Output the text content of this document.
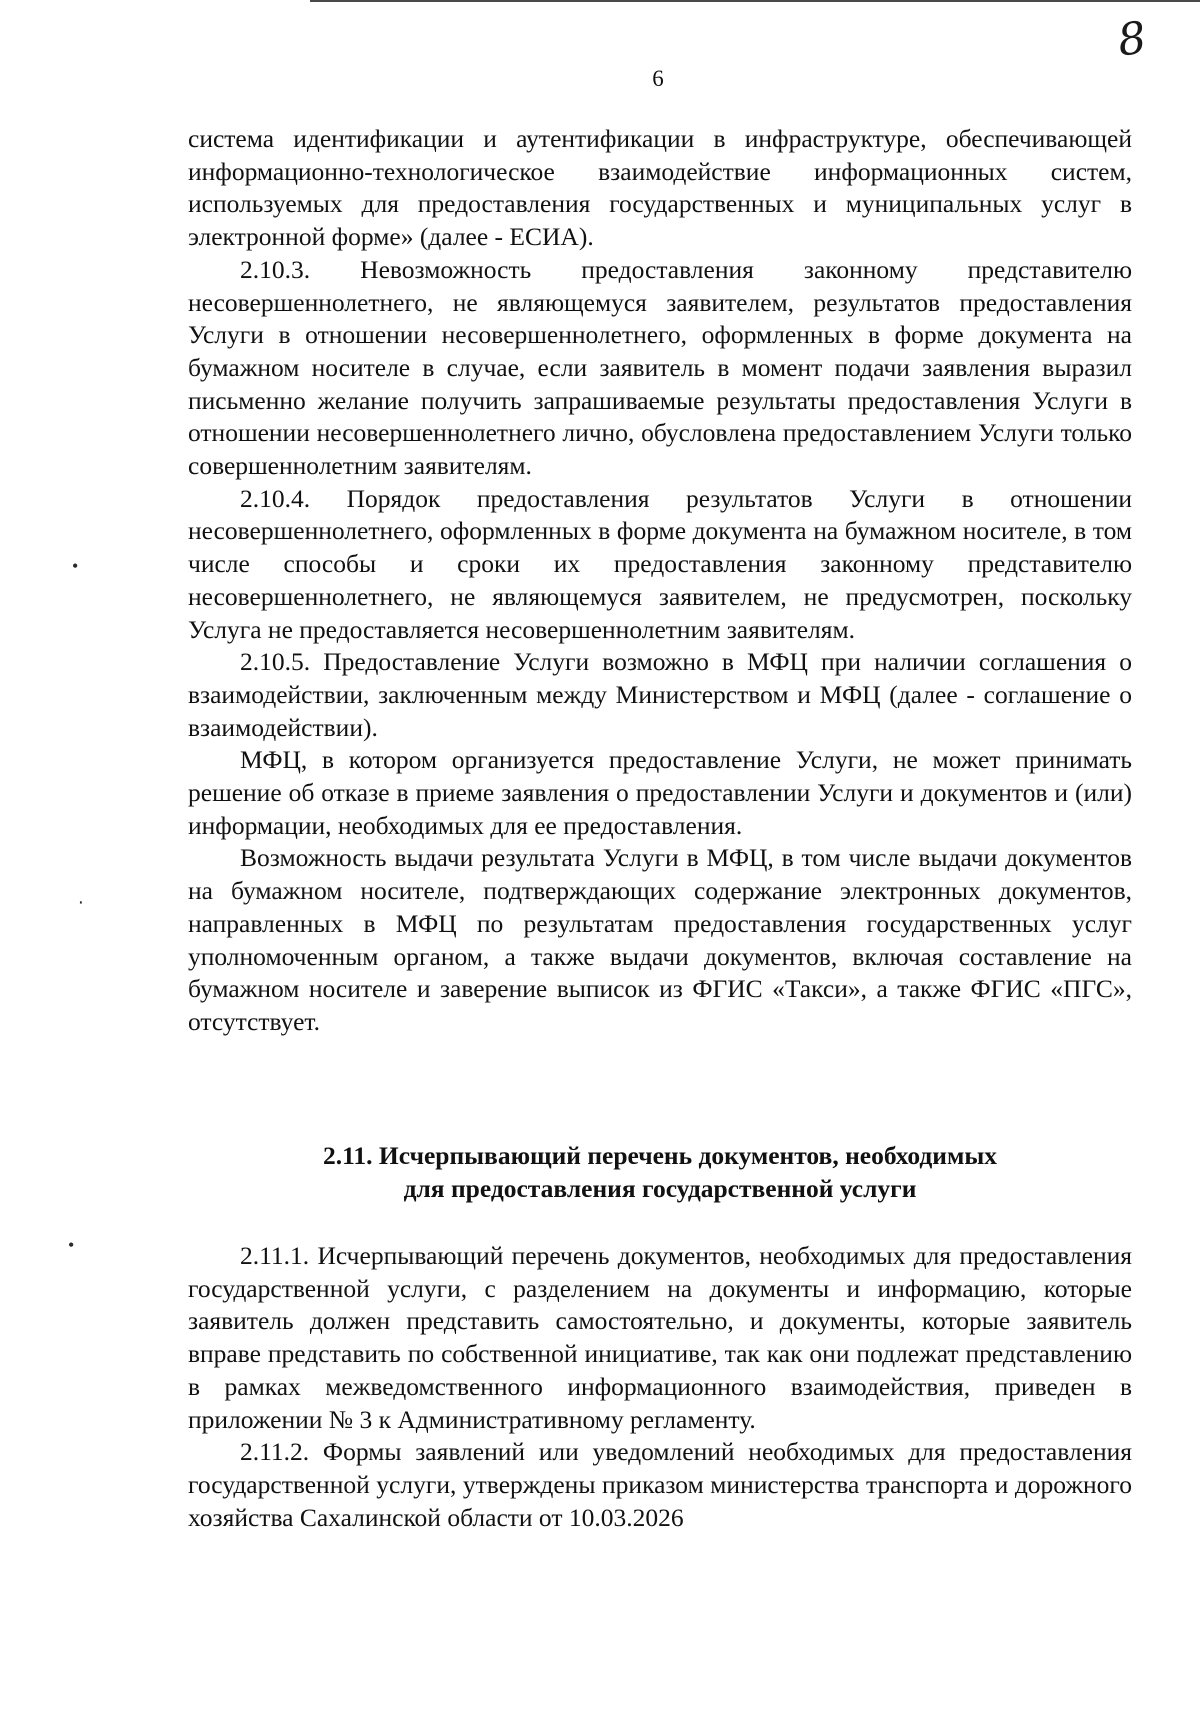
8
6

система идентификации и аутентификации в инфраструктуре, обеспечивающей информационно-технологическое взаимодействие информационных систем, используемых для предоставления государственных и муниципальных услуг в электронной форме» (далее - ЕСИА).

2.10.3. Невозможность предоставления законному представителю несовершеннолетнего, не являющемуся заявителем, результатов предоставления Услуги в отношении несовершеннолетнего, оформленных в форме документа на бумажном носителе в случае, если заявитель в момент подачи заявления выразил письменно желание получить запрашиваемые результаты предоставления Услуги в отношении несовершеннолетнего лично, обусловлена предоставлением Услуги только совершеннолетним заявителям.

2.10.4. Порядок предоставления результатов Услуги в отношении несовершеннолетнего, оформленных в форме документа на бумажном носителе, в том числе способы и сроки их предоставления законному представителю несовершеннолетнего, не являющемуся заявителем, не предусмотрен, поскольку Услуга не предоставляется несовершеннолетним заявителям.

2.10.5. Предоставление Услуги возможно в МФЦ при наличии соглашения о взаимодействии, заключенным между Министерством и МФЦ (далее - соглашение о взаимодействии).

МФЦ, в котором организуется предоставление Услуги, не может принимать решение об отказе в приеме заявления о предоставлении Услуги и документов и (или) информации, необходимых для ее предоставления.

Возможность выдачи результата Услуги в МФЦ, в том числе выдачи документов на бумажном носителе, подтверждающих содержание электронных документов, направленных в МФЦ по результатам предоставления государственных услуг уполномоченным органом, а также выдачи документов, включая составление на бумажном носителе и заверение выписок из ФГИС «Такси», а также ФГИС «ПГС», отсутствует.

2.11. Исчерпывающий перечень документов, необходимых
для предоставления государственной услуги

2.11.1. Исчерпывающий перечень документов, необходимых для предоставления государственной услуги, с разделением на документы и информацию, которые заявитель должен представить самостоятельно, и документы, которые заявитель вправе представить по собственной инициативе, так как они подлежат представлению в рамках межведомственного информационного взаимодействия, приведен в приложении № 3 к Административному регламенту.

2.11.2. Формы заявлений или уведомлений необходимых для предоставления государственной услуги, утверждены приказом министерства транспорта и дорожного хозяйства Сахалинской области от 10.03.2026

•
‧
•
